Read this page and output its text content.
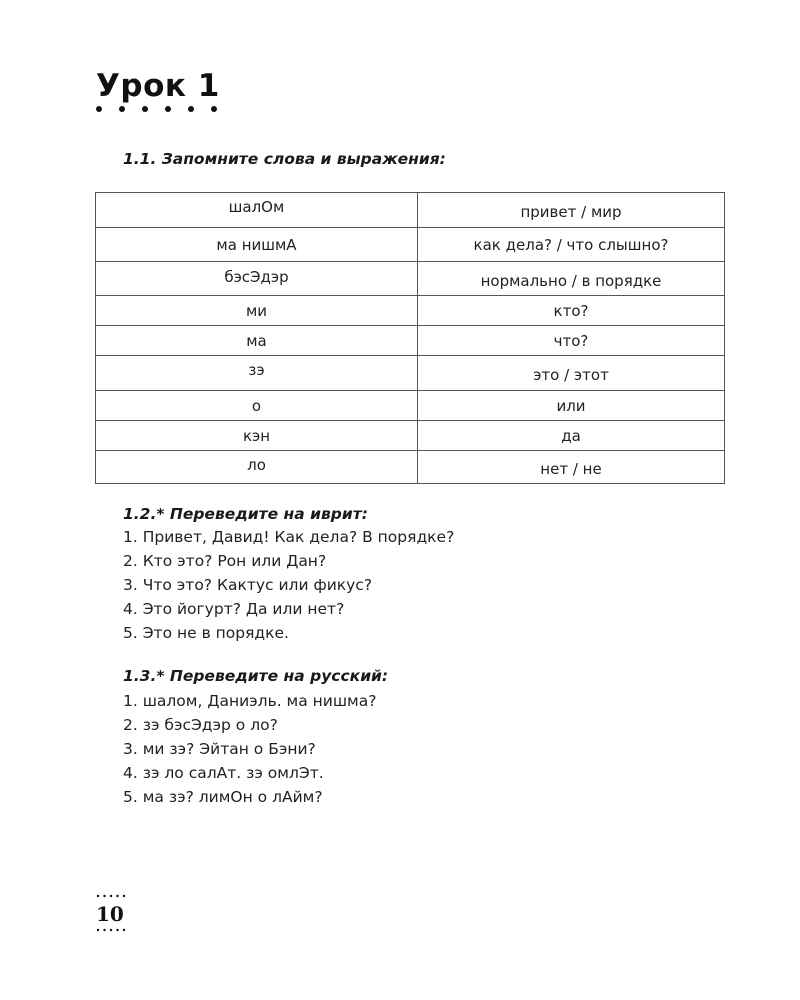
Урок 1

1.1. Запомните слова и выражения:

шалОм	привет / мир
ма нишмА	как дела? / что слышно?
бэсЭдэр	нормально / в порядке
ми	кто?
ма	что?
зэ	это / этот
о	или
кэн	да
ло	нет / не

1.2.* Переведите на иврит:

1. Привет, Давид! Как дела? В порядке?
2. Кто это? Рон или Дан?
3. Что это? Кактус или фикус?
4. Это йогурт? Да или нет?
5. Это не в порядке.

1.3.* Переведите на русский:

1. шалом, Даниэль. ма нишма?
2. зэ бэсЭдэр о ло?
3. ми зэ? Эйтан о Бэни?
4. зэ ло салАт. зэ омлЭт.
5. ма зэ? лимОн о лАйм?
10
